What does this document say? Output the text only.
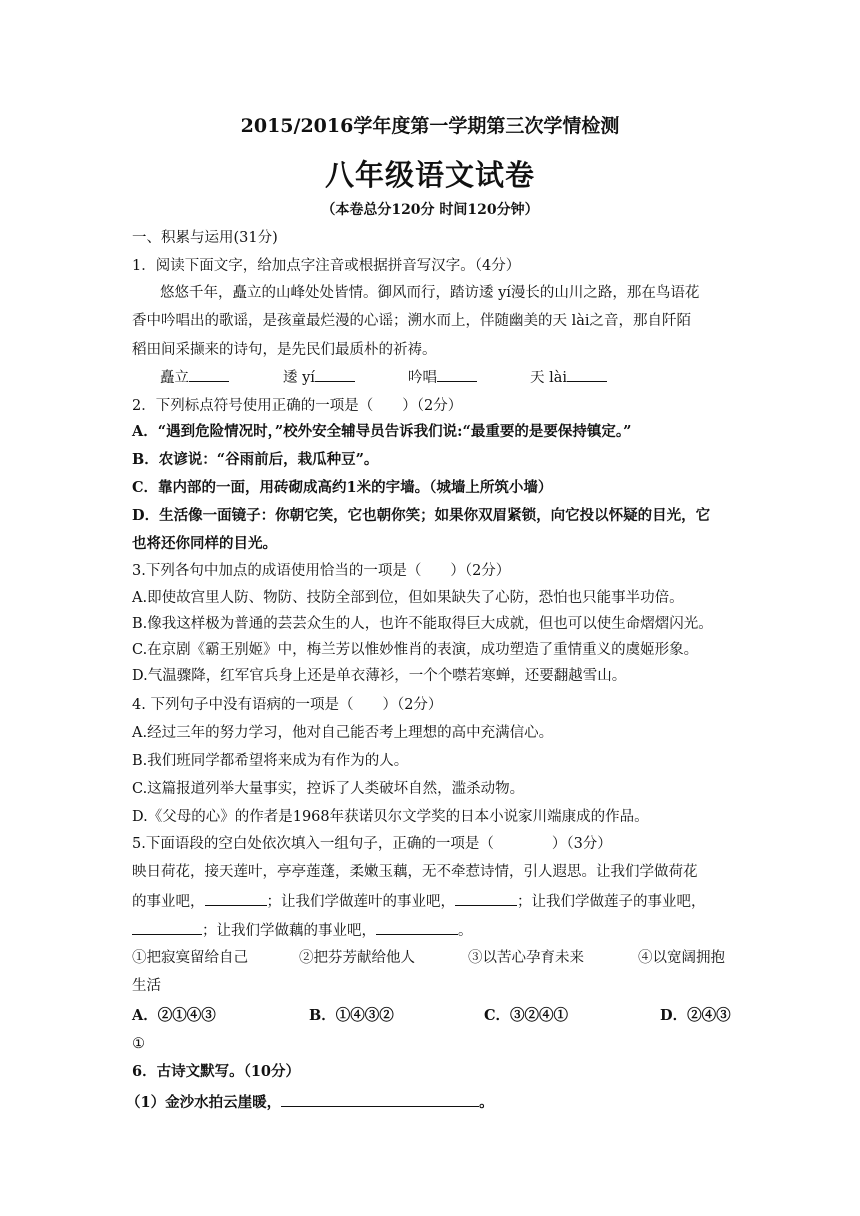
2015/2016学年度第一学期第三次学情检测

八年级语文试卷

（本卷总分120分 时间120分钟）

一、积累与运用(31分)

1．阅读下面文字，给加点字注音或根据拼音写汉字。（4分）

悠悠千年，矗立的山峰处处皆情。御风而行，踏访逶 yí漫长的山川之路，那在鸟语花

香中吟唱出的歌谣，是孩童最烂漫的心谣；溯水而上，伴随幽美的天 lài之音，那自阡陌

稻田间采撷来的诗句，是先民们最质朴的祈祷。

矗立	逶 yí	吟唱	天 lài

2．下列标点符号使用正确的一项是（　　）（2分）

A．“遇到危险情况时，”校外安全辅导员告诉我们说:“最重要的是要保持镇定。”

B．农谚说：“谷雨前后，栽瓜种豆”。

C．靠内部的一面，用砖砌成高约1米的宇墙。（城墙上所筑小墙）

D．生活像一面镜子：你朝它笑，它也朝你笑；如果你双眉紧锁，向它投以怀疑的目光，它

也将还你同样的目光。

3.下列各句中加点的成语使用恰当的一项是（　　）（2分）

A.即使故宫里人防、物防、技防全部到位，但如果缺失了心防，恐怕也只能事半功倍。

B.像我这样极为普通的芸芸众生的人，也许不能取得巨大成就，但也可以使生命熠熠闪光。

C.在京剧《霸王别姬》中，梅兰芳以惟妙惟肖的表演，成功塑造了重情重义的虞姬形象。

D.气温骤降，红军官兵身上还是单衣薄衫，一个个噤若寒蝉，还要翻越雪山。

4. 下列句子中没有语病的一项是（　　）（2分）

A.经过三年的努力学习，他对自己能否考上理想的高中充满信心。

B.我们班同学都希望将来成为有作为的人。

C.这篇报道列举大量事实，控诉了人类破坏自然，滥杀动物。

D.《父母的心》的作者是1968年获诺贝尔文学奖的日本小说家川端康成的作品。

5.下面语段的空白处依次填入一组句子，正确的一项是（　　　　）（3分）

映日荷花，接天莲叶，亭亭莲蓬，柔嫩玉藕，无不牵惹诗情，引人遐思。让我们学做荷花

的事业吧，	；让我们学做莲叶的事业吧，	；让我们学做莲子的事业吧，
；让我们学做藕的事业吧，	。
①把寂寞留给自己	②把芬芳献给他人	③以苦心孕育未来	④以宽阔拥抱

生活

A．②①④③	B．①④③②	C．③②④①	D．②④③

①

6．古诗文默写。（10分）

（1）金沙水拍云崖暖，	。
